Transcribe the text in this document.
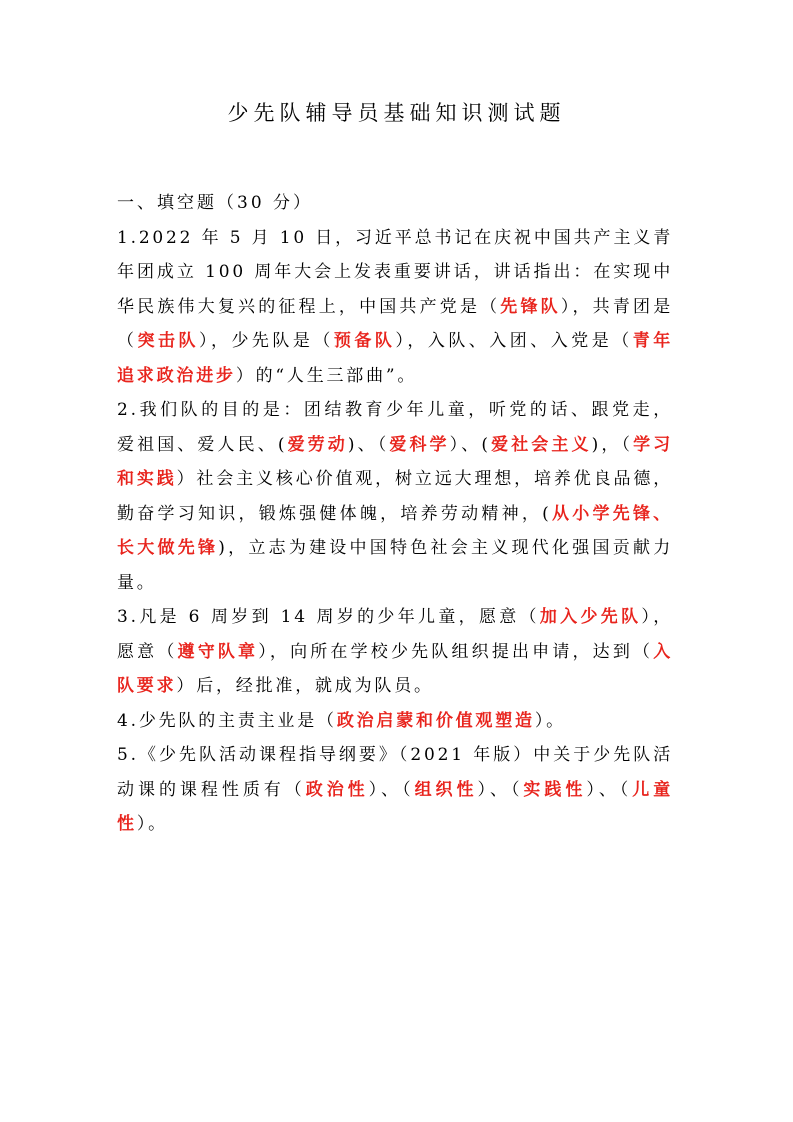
少先队辅导员基础知识测试题

一、填空题（30 分）

1.2022 年 5 月 10 日，习近平总书记在庆祝中国共产主义青年团成立 100 周年大会上发表重要讲话，讲话指出：在实现中华民族伟大复兴的征程上，中国共产党是（先锋队），共青团是（突击队），少先队是（预备队），入队、入团、入党是（青年追求政治进步）的“人生三部曲”。

2.我们队的目的是：团结教育少年儿童，听党的话、跟党走，爱祖国、爱人民、(爱劳动)、（爱科学）、(爱社会主义)，（学习和实践）社会主义核心价值观，树立远大理想，培养优良品德，勤奋学习知识，锻炼强健体魄，培养劳动精神，(从小学先锋、长大做先锋)，立志为建设中国特色社会主义现代化强国贡献力量。

3.凡是 6 周岁到 14 周岁的少年儿童，愿意（加入少先队），愿意（遵守队章），向所在学校少先队组织提出申请，达到（入队要求）后，经批准，就成为队员。

4.少先队的主责主业是（政治启蒙和价值观塑造）。

5.《少先队活动课程指导纲要》（2021 年版）中关于少先队活动课的课程性质有（政治性）、（组织性）、（实践性）、（儿童性）。
